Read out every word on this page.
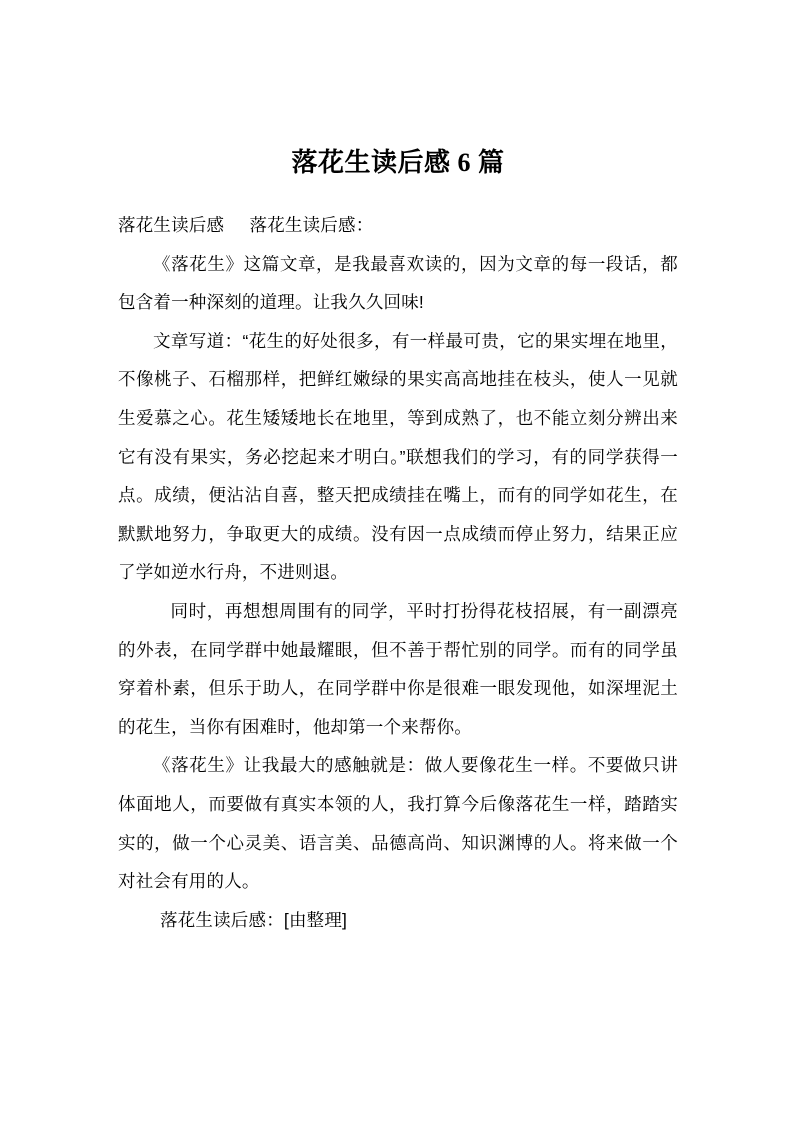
落花生读后感 6 篇

落花生读后感     落花生读后感：

《落花生》这篇文章，是我最喜欢读的，因为文章的每一段话，都包含着一种深刻的道理。让我久久回味!

文章写道：“花生的好处很多，有一样最可贵，它的果实埋在地里，不像桃子、石榴那样，把鲜红嫩绿的果实高高地挂在枝头，使人一见就生爱慕之心。花生矮矮地长在地里，等到成熟了，也不能立刻分辨出来它有没有果实，务必挖起来才明白。”联想我们的学习，有的同学获得一点。成绩，便沾沾自喜，整天把成绩挂在嘴上，而有的同学如花生，在默默地努力，争取更大的成绩。没有因一点成绩而停止努力，结果正应了学如逆水行舟，不进则退。

同时，再想想周围有的同学，平时打扮得花枝招展，有一副漂亮的外表，在同学群中她最耀眼，但不善于帮忙别的同学。而有的同学虽穿着朴素，但乐于助人，在同学群中你是很难一眼发现他，如深埋泥土的花生，当你有困难时，他却第一个来帮你。

《落花生》让我最大的感触就是：做人要像花生一样。不要做只讲体面地人，而要做有真实本领的人，我打算今后像落花生一样，踏踏实实的，做一个心灵美、语言美、品德高尚、知识渊博的人。将来做一个对社会有用的人。

落花生读后感：[由整理]
